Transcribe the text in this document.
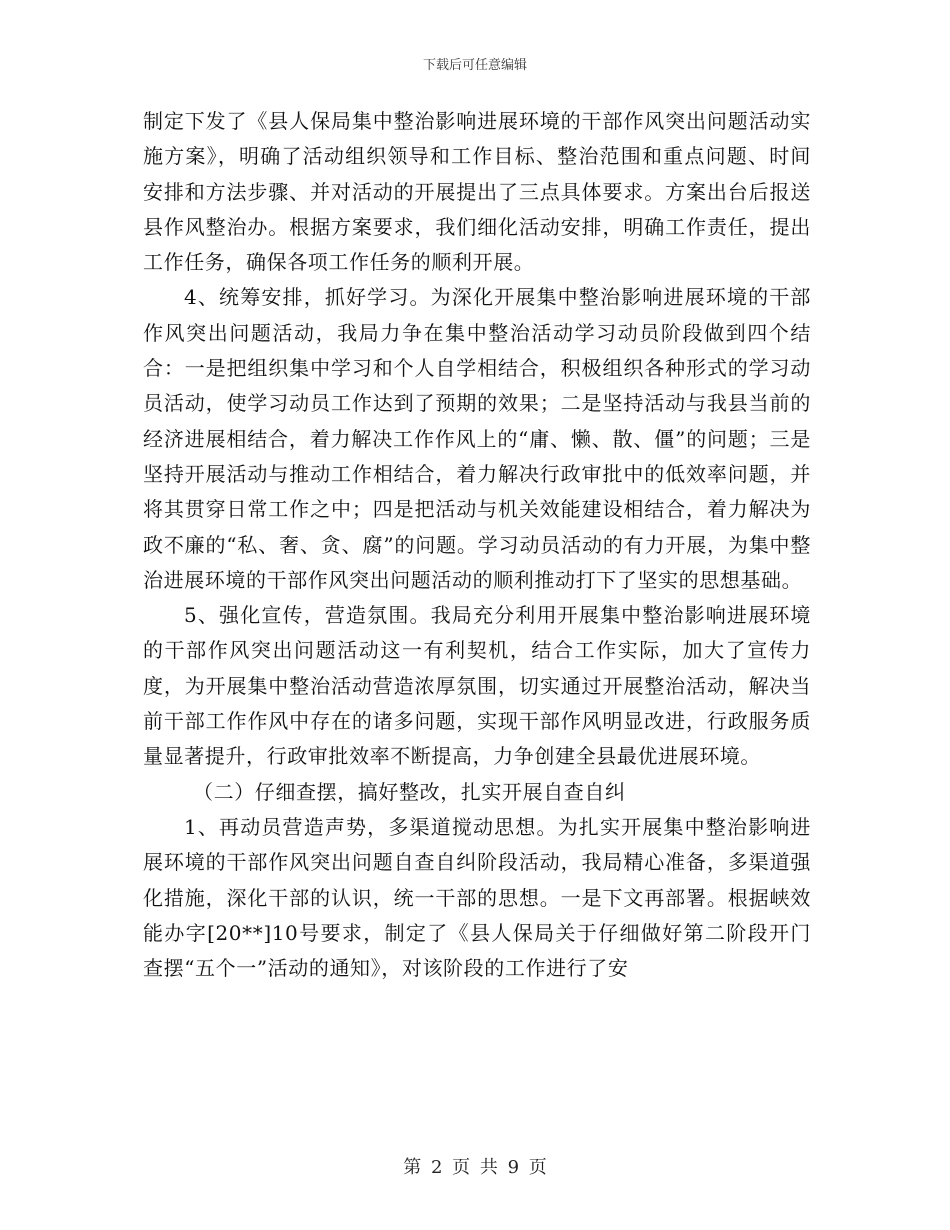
下载后可任意编辑

制定下发了《县人保局集中整治影响进展环境的干部作风突出问题活动实施方案》，明确了活动组织领导和工作目标、整治范围和重点问题、时间安排和方法步骤、并对活动的开展提出了三点具体要求。方案出台后报送县作风整治办。根据方案要求，我们细化活动安排，明确工作责任，提出工作任务，确保各项工作任务的顺利开展。

4、统筹安排，抓好学习。为深化开展集中整治影响进展环境的干部作风突出问题活动，我局力争在集中整治活动学习动员阶段做到四个结合：一是把组织集中学习和个人自学相结合，积极组织各种形式的学习动员活动，使学习动员工作达到了预期的效果；二是坚持活动与我县当前的经济进展相结合，着力解决工作作风上的“庸、懒、散、僵”的问题；三是坚持开展活动与推动工作相结合，着力解决行政审批中的低效率问题，并将其贯穿日常工作之中；四是把活动与机关效能建设相结合，着力解决为政不廉的“私、奢、贪、腐”的问题。学习动员活动的有力开展，为集中整治进展环境的干部作风突出问题活动的顺利推动打下了坚实的思想基础。

5、强化宣传，营造氛围。我局充分利用开展集中整治影响进展环境的干部作风突出问题活动这一有利契机，结合工作实际，加大了宣传力度，为开展集中整治活动营造浓厚氛围，切实通过开展整治活动，解决当前干部工作作风中存在的诸多问题，实现干部作风明显改进，行政服务质量显著提升，行政审批效率不断提高，力争创建全县最优进展环境。

（二）仔细查摆，搞好整改，扎实开展自查自纠

1、再动员营造声势，多渠道搅动思想。为扎实开展集中整治影响进展环境的干部作风突出问题自查自纠阶段活动，我局精心准备，多渠道强化措施，深化干部的认识，统一干部的思想。一是下文再部署。根据峡效能办字[20**]10号要求，制定了《县人保局关于仔细做好第二阶段开门查摆“五个一”活动的通知》，对该阶段的工作进行了安

第 2 页 共 9 页
